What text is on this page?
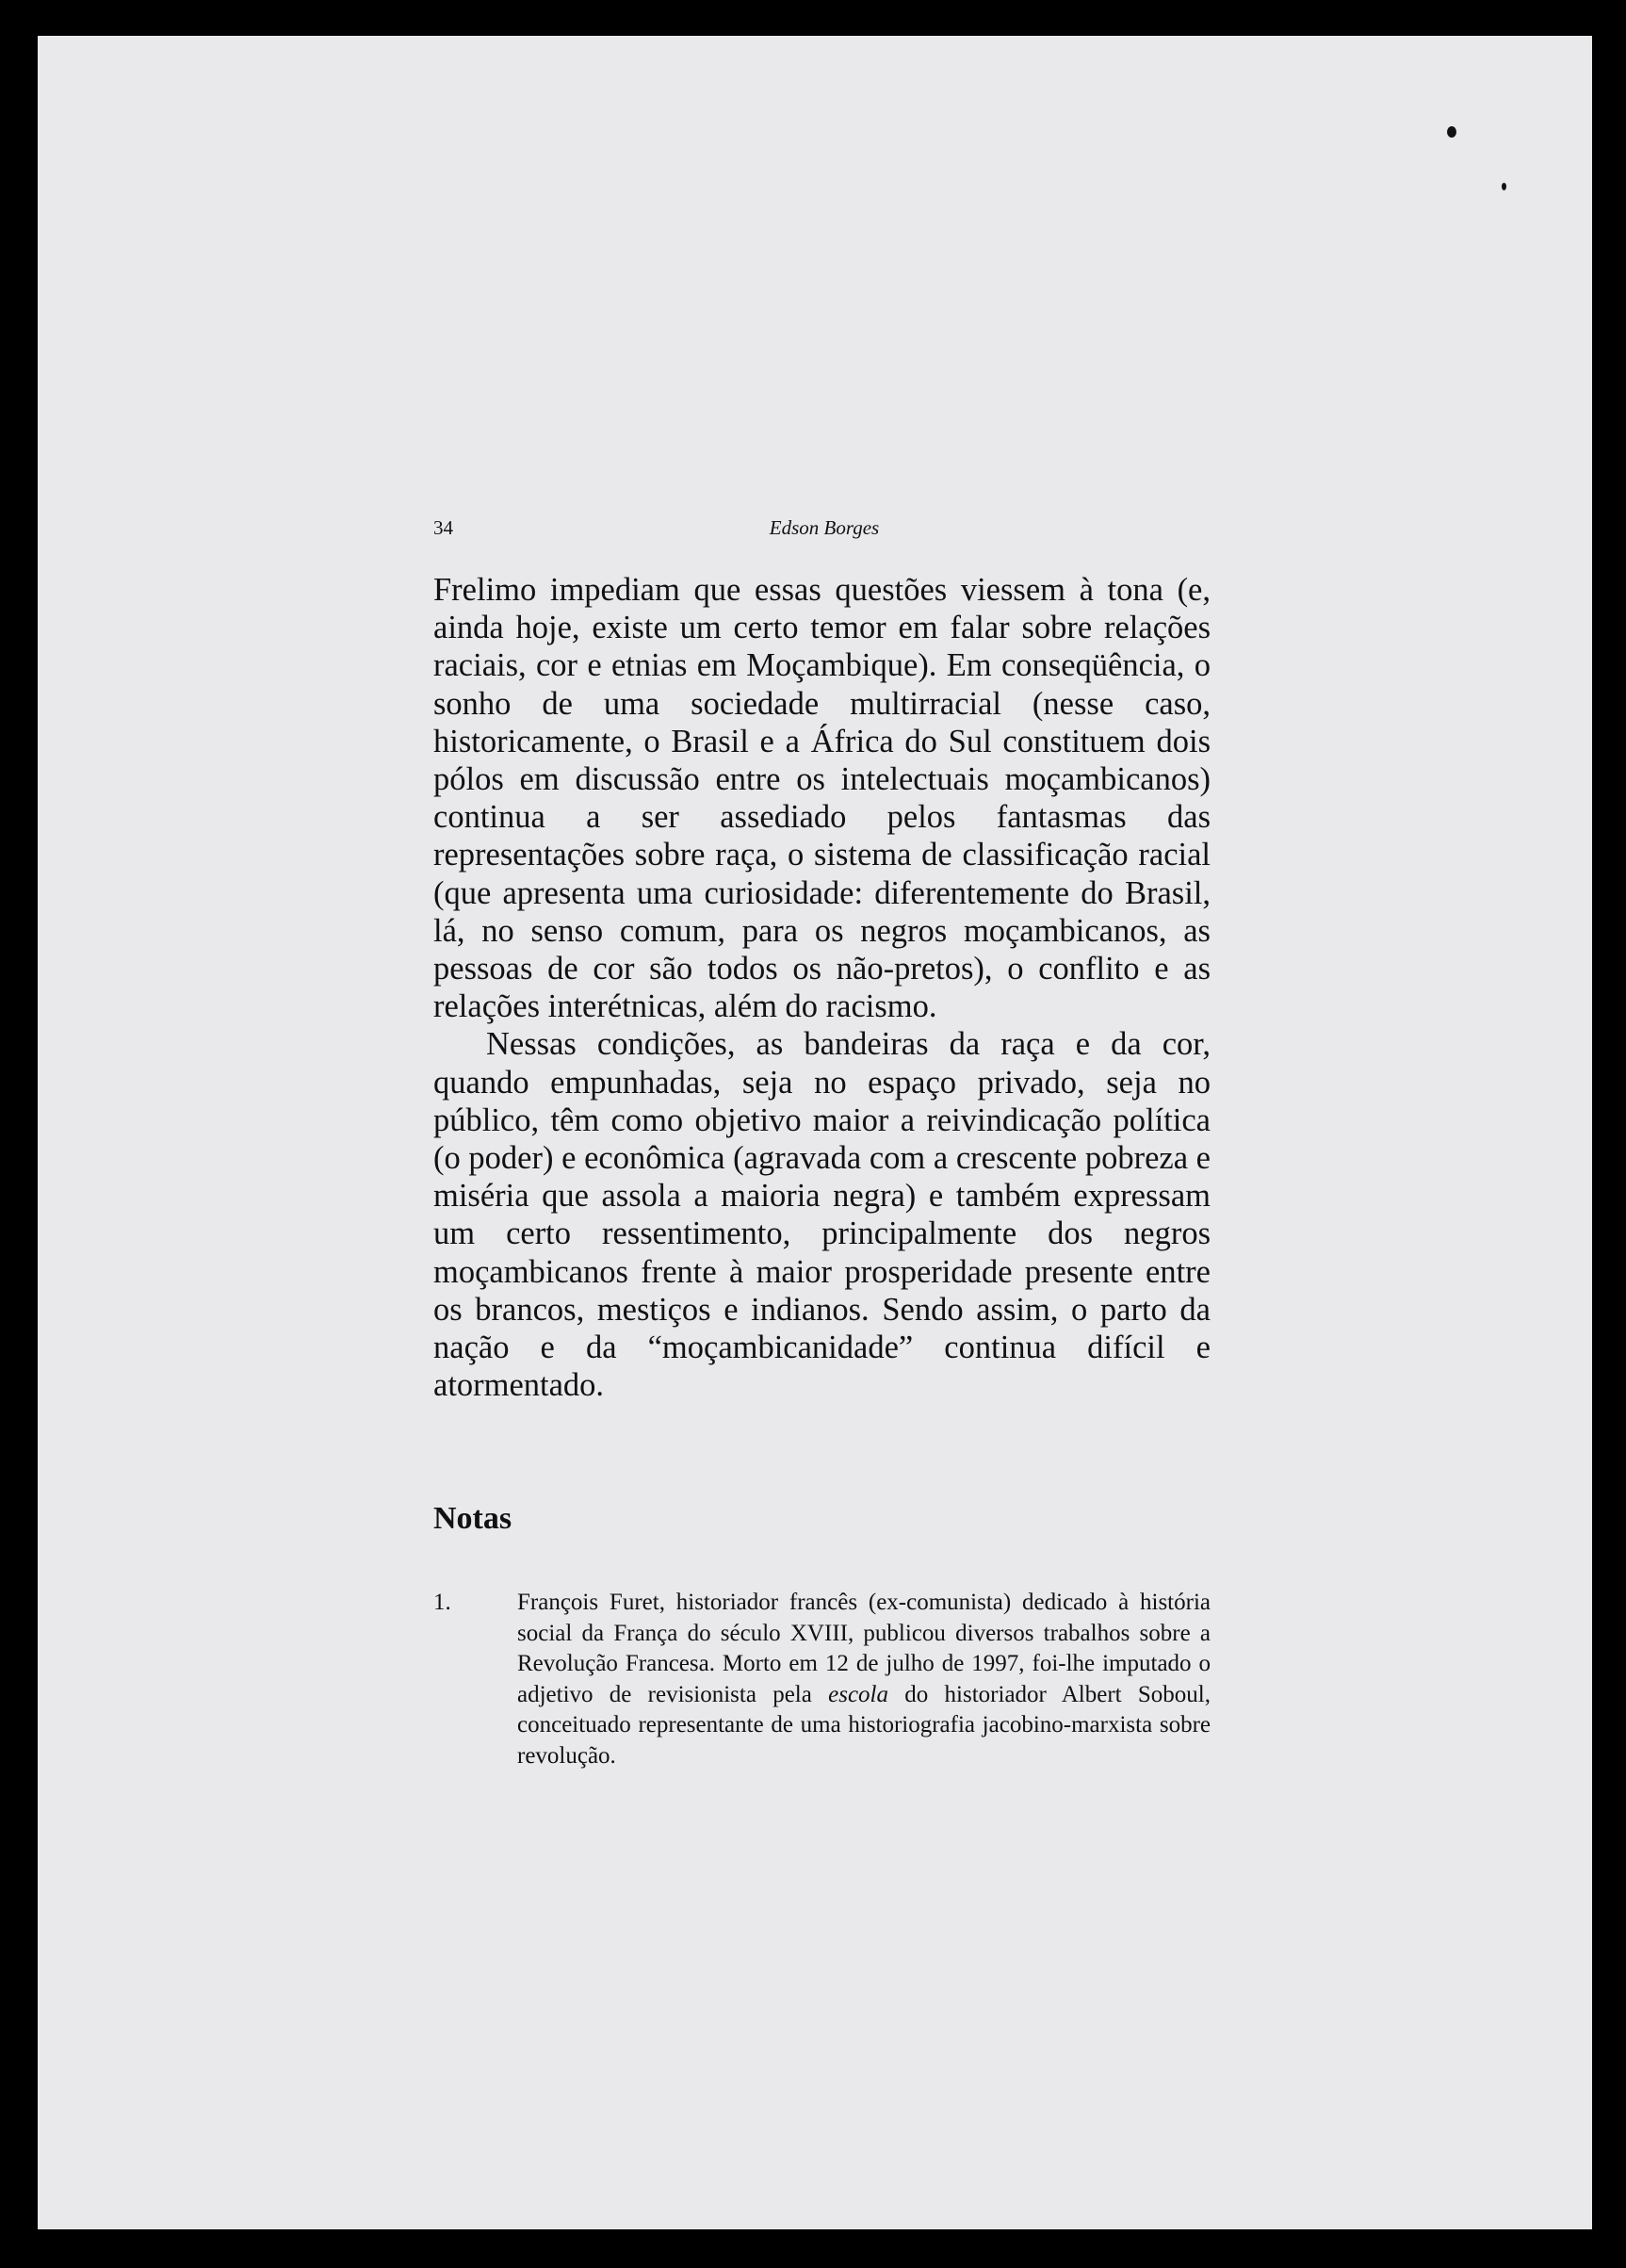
34	Edson Borges

Frelimo impediam que essas questões viessem à tona (e, ainda hoje, existe um certo temor em falar sobre relações raciais, cor e etnias em Moçambique). Em conseqüência, o sonho de uma sociedade multirracial (nesse caso, historicamente, o Brasil e a África do Sul constituem dois pólos em discussão entre os intelectuais moçambicanos) continua a ser assediado pelos fantasmas das representações sobre raça, o sistema de classificação racial (que apresenta uma curiosidade: diferentemente do Brasil, lá, no senso comum, para os negros moçambicanos, as pessoas de cor são todos os não-pretos), o conflito e as relações interétnicas, além do racismo.

Nessas condições, as bandeiras da raça e da cor, quando empunhadas, seja no espaço privado, seja no público, têm como objetivo maior a reivindicação política (o poder) e econômica (agravada com a crescente pobreza e miséria que assola a maioria negra) e também expressam um certo ressentimento, principalmente dos negros moçambicanos frente à maior prosperidade presente entre os brancos, mestiços e indianos. Sendo assim, o parto da nação e da “moçambicanidade” continua difícil e atormentado.

Notas
1.	François Furet, historiador francês (ex-comunista) dedicado à história social da França do século XVIII, publicou diversos trabalhos sobre a Revolução Francesa. Morto em 12 de julho de 1997, foi-lhe imputado o adjetivo de revisionista pela escola do historiador Albert Soboul, conceituado representante de uma historiografia jacobino-marxista sobre revolução.
